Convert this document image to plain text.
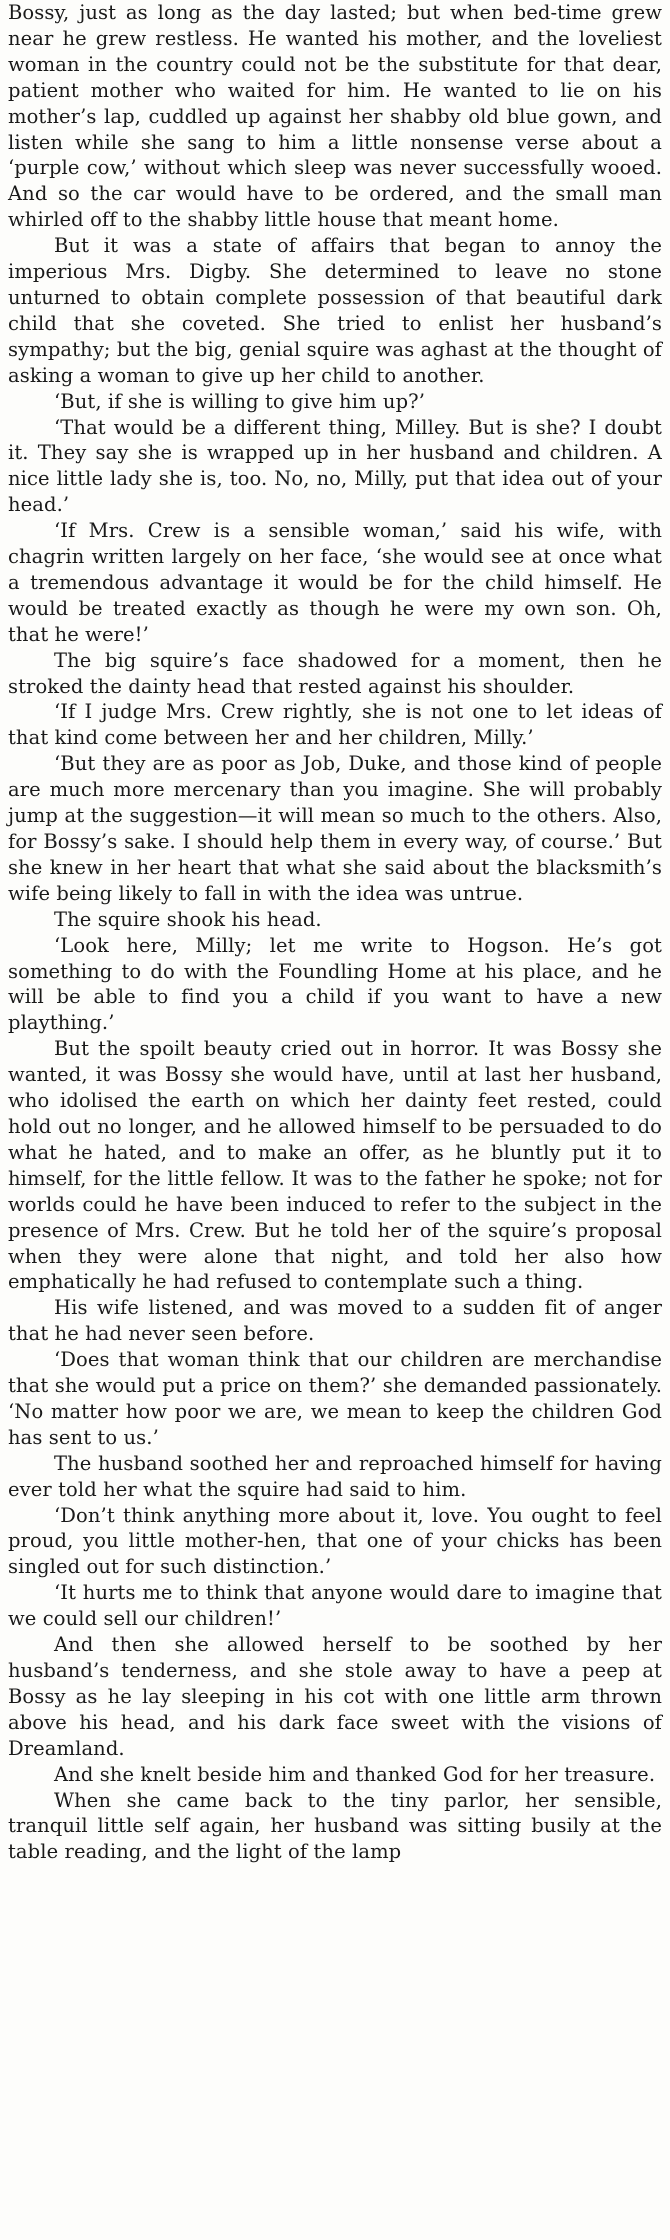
Bossy, just as long as the day lasted; but when bed-time grew near he grew restless. He wanted his mother, and the loveliest woman in the country could not be the substitute for that dear, patient mother who waited for him. He wanted to lie on his mother’s lap, cuddled up against her shabby old blue gown, and listen while she sang to him a little nonsense verse about a ‘purple cow,’ without which sleep was never successfully wooed. And so the car would have to be ordered, and the small man whirled off to the shabby little house that meant home.

But it was a state of affairs that began to annoy the imperious Mrs. Digby. She determined to leave no stone unturned to obtain complete possession of that beautiful dark child that she coveted. She tried to enlist her husband’s sympathy; but the big, genial squire was aghast at the thought of asking a woman to give up her child to another.

‘But, if she is willing to give him up?’

‘That would be a different thing, Milley. But is she? I doubt it. They say she is wrapped up in her husband and children. A nice little lady she is, too. No, no, Milly, put that idea out of your head.’

‘If Mrs. Crew is a sensible woman,’ said his wife, with chagrin written largely on her face, ‘she would see at once what a tremendous advantage it would be for the child himself. He would be treated exactly as though he were my own son. Oh, that he were!’

The big squire’s face shadowed for a moment, then he stroked the dainty head that rested against his shoulder.

‘If I judge Mrs. Crew rightly, she is not one to let ideas of that kind come between her and her children, Milly.’

‘But they are as poor as Job, Duke, and those kind of people are much more mercenary than you imagine. She will probably jump at the suggestion—it will mean so much to the others. Also, for Bossy’s sake. I should help them in every way, of course.’ But she knew in her heart that what she said about the blacksmith’s wife being likely to fall in with the idea was untrue.

The squire shook his head.

‘Look here, Milly; let me write to Hogson. He’s got something to do with the Foundling Home at his place, and he will be able to find you a child if you want to have a new plaything.’

But the spoilt beauty cried out in horror. It was Bossy she wanted, it was Bossy she would have, until at last her husband, who idolised the earth on which her dainty feet rested, could hold out no longer, and he allowed himself to be persuaded to do what he hated, and to make an offer, as he bluntly put it to himself, for the little fellow. It was to the father he spoke; not for worlds could he have been induced to refer to the subject in the presence of Mrs. Crew. But he told her of the squire’s proposal when they were alone that night, and told her also how emphatically he had refused to contemplate such a thing.

His wife listened, and was moved to a sudden fit of anger that he had never seen before.

‘Does that woman think that our children are merchandise that she would put a price on them?’ she demanded passionately. ‘No matter how poor we are, we mean to keep the children God has sent to us.’

The husband soothed her and reproached himself for having ever told her what the squire had said to him.

‘Don’t think anything more about it, love. You ought to feel proud, you little mother-hen, that one of your chicks has been singled out for such distinction.’

‘It hurts me to think that anyone would dare to imagine that we could sell our children!’

And then she allowed herself to be soothed by her husband’s tenderness, and she stole away to have a peep at Bossy as he lay sleeping in his cot with one little arm thrown above his head, and his dark face sweet with the visions of Dreamland.

And she knelt beside him and thanked God for her treasure.

When she came back to the tiny parlor, her sensible, tranquil little self again, her husband was sitting busily at the table reading, and the light of the lamp
